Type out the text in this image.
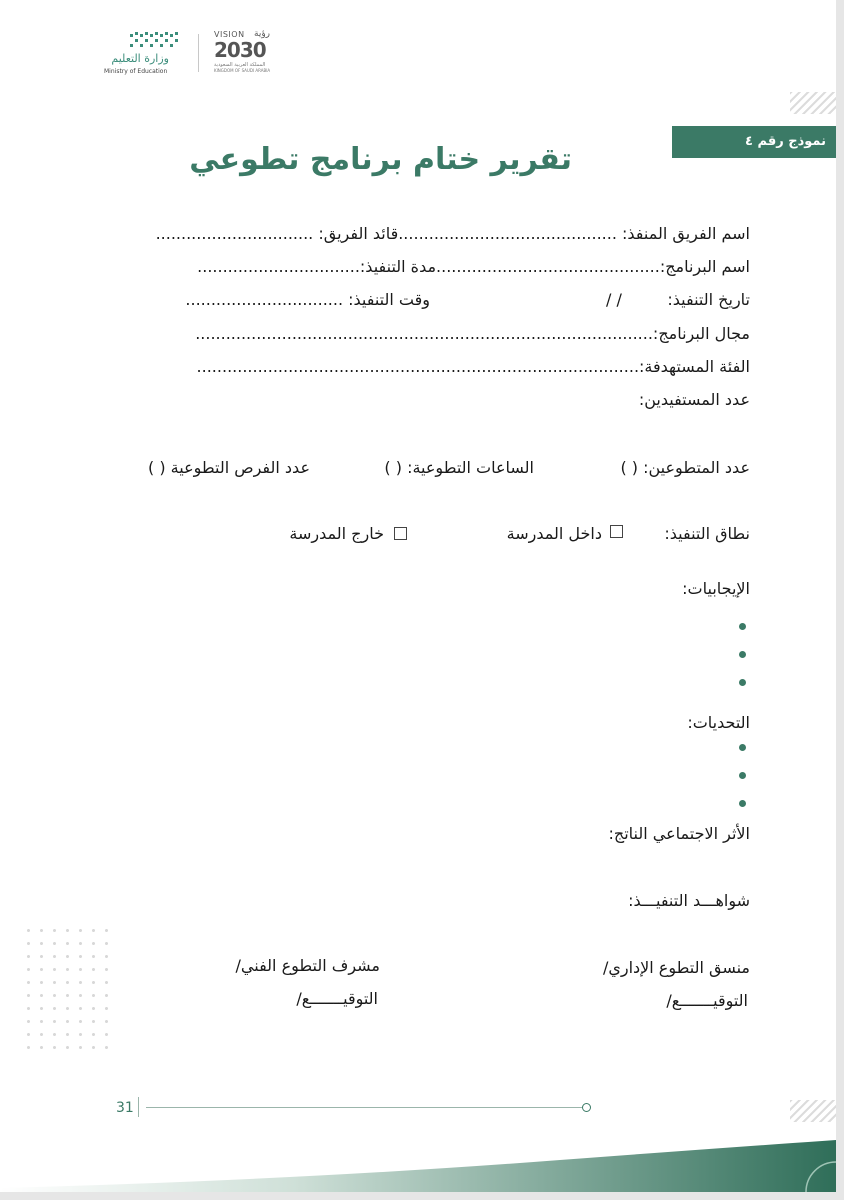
وزارة التعليم
Ministry of Education
VISION رؤية
2030
المملكة العربية السعودية
KINGDOM OF SAUDI ARABIA
نموذج رقم ٤
تقرير ختام برنامج تطوعي
اسم الفريق المنفذ: ...........................................قائد الفريق: ...............................
اسم البرنامج:............................................مدة التنفيذ:................................
تاريخ التنفيذ:
/ /
وقت التنفيذ: ...............................
مجال البرنامج:..........................................................................................
الفئة المستهدفة:.......................................................................................
عدد المستفيدين:
عدد المتطوعين: ( )
الساعات التطوعية: ( )
عدد الفرص التطوعية ( )
نطاق التنفيذ:
داخل المدرسة
خارج المدرسة
الإيجابيات:
التحديات:
الأثر الاجتماعي الناتج:
شواهـــد التنفيـــذ:
منسق التطوع الإداري/
مشرف التطوع الفني/
التوقيـــــــع/
التوقيـــــــع/
31
